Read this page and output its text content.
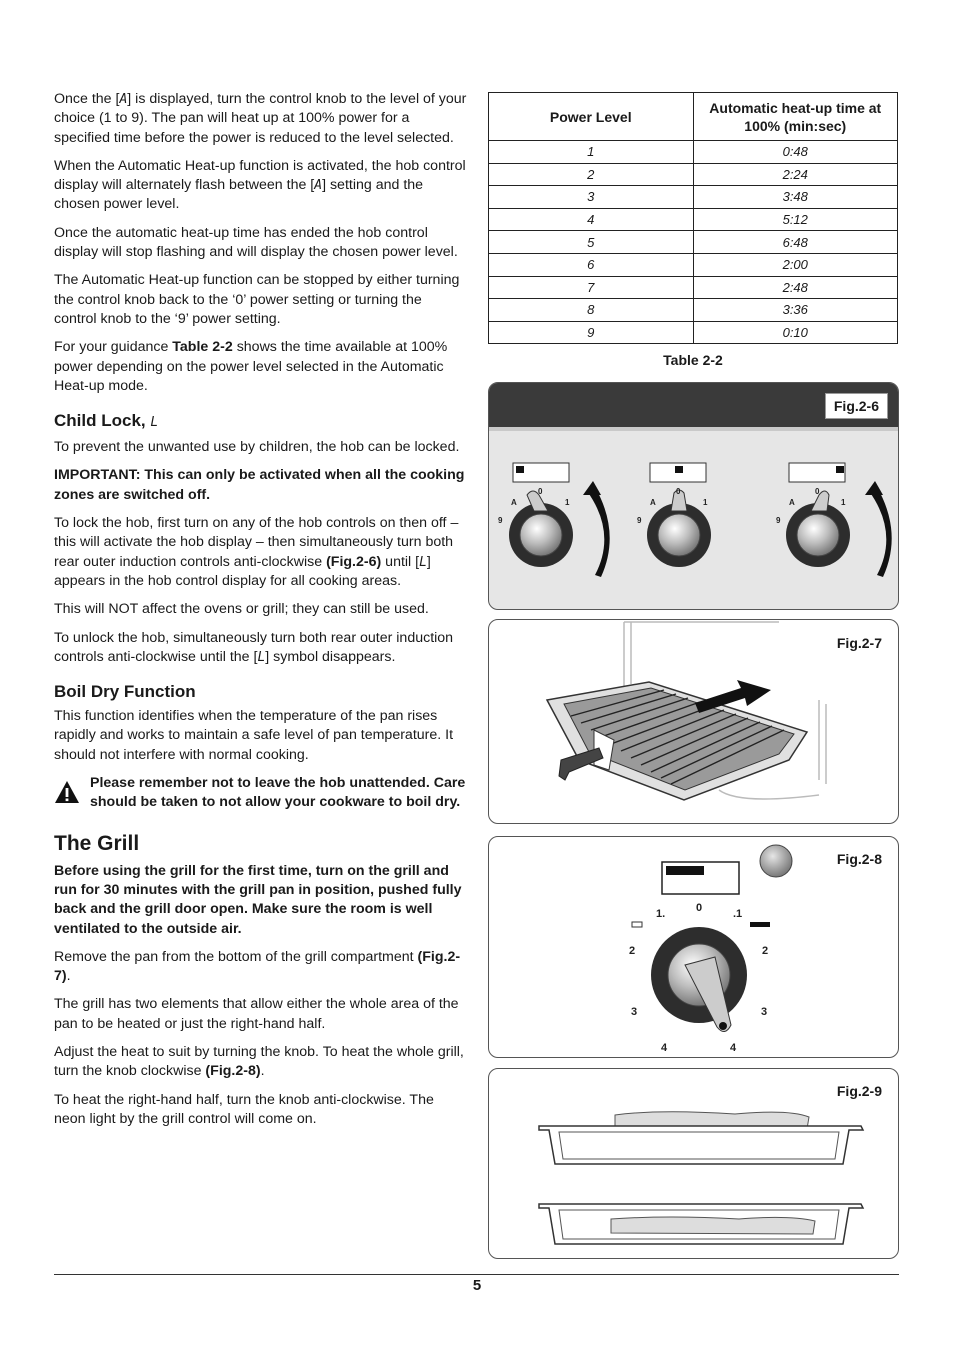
Once the [A] is displayed, turn the control knob to the level of your choice (1 to 9). The pan will heat up at 100% power for a specified time before the power is reduced to the level selected.

When the Automatic Heat-up function is activated, the hob control display will alternately flash between the [A] setting and the chosen power level.

Once the automatic heat-up time has ended the hob control display will stop flashing and will display the chosen power level.

The Automatic Heat-up function can be stopped by either turning the control knob back to the ‘0’ power setting or turning the control knob to the ‘9’ power setting.

For your guidance Table 2-2 shows the time available at 100% power depending on the power level selected in the Automatic Heat-up mode.

Child Lock, L

To prevent the unwanted use by children, the hob can be locked.

IMPORTANT: This can only be activated when all the cooking zones are switched off.

To lock the hob, first turn on any of the hob controls on then off – this will activate the hob display – then simultaneously turn both rear outer induction controls anti-clockwise (Fig.2-6) until [L] appears in the hob control display for all cooking areas.

This will NOT affect the ovens or grill; they can still be used.

To unlock the hob, simultaneously turn both rear outer induction controls anti-clockwise until the [L] symbol disappears.

Boil Dry Function

This function identifies when the temperature of the pan rises rapidly and works to maintain a safe level of pan temperature. It should not interfere with normal cooking.

Please remember not to leave the hob unattended. Care should be taken to not allow your cookware to boil dry.

The Grill

Before using the grill for the first time, turn on the grill and run for 30 minutes with the grill pan in position, pushed fully back and the grill door open. Make sure the room is well ventilated to the outside air.

Remove the pan from the bottom of the grill compartment (Fig.2-7).

The grill has two elements that allow either the whole area of the pan to be heated or just the right-hand half.

Adjust the heat to suit by turning the knob. To heat the whole grill, turn the knob clockwise (Fig.2-8).

To heat the right-hand half, turn the knob anti-clockwise. The neon light by the grill control will come on.

Power Level	Automatic heat-up time at 100% (min:sec)
1	0:48
2	2:24
3	3:48
4	5:12
5	6:48
6	2:00
7	2:48
8	3:36
9	0:10
Table 2-2
A
0
1
9
A
0
1
9
A
0
1
9
Fig.2-6
Fig.2-7
1.	0	.1
2	2
3	3
4	4
Fig.2-8
Fig.2-9
5
